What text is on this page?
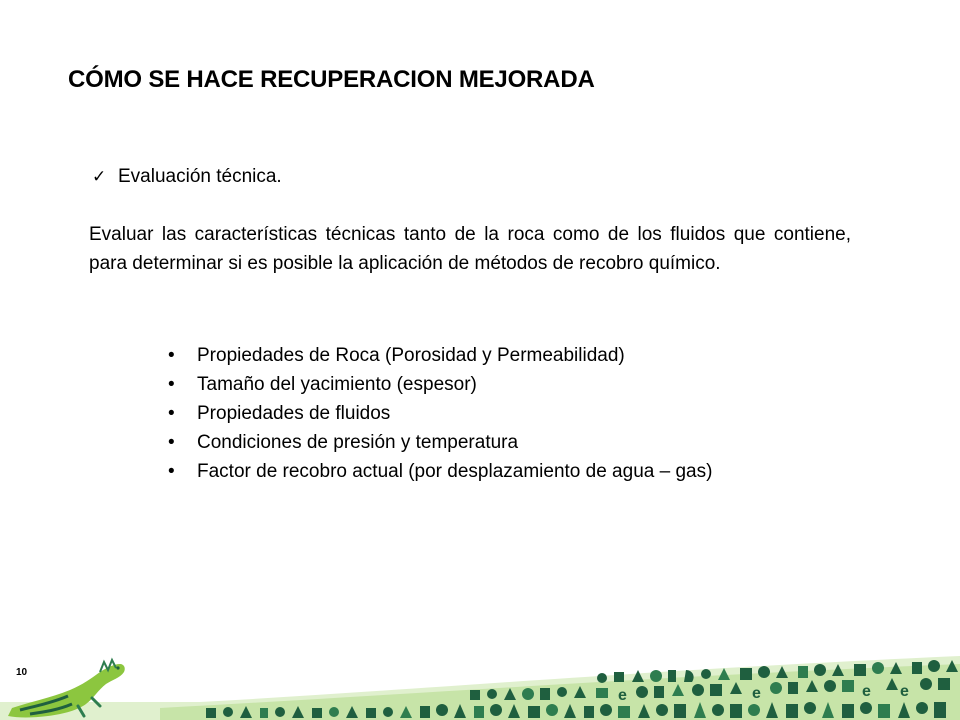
CÓMO SE HACE RECUPERACION MEJORADA
✓ Evaluación técnica.
Evaluar las características técnicas tanto de la roca como de los fluidos que contiene, para determinar si es posible la aplicación de métodos de recobro químico.
•	Propiedades de Roca (Porosidad y Permeabilidad)
•	Tamaño del yacimiento (espesor)
•	Propiedades de fluidos
•	Condiciones de presión y temperatura
•	Factor de recobro actual (por desplazamiento de agua – gas)
10
e	e	e e
